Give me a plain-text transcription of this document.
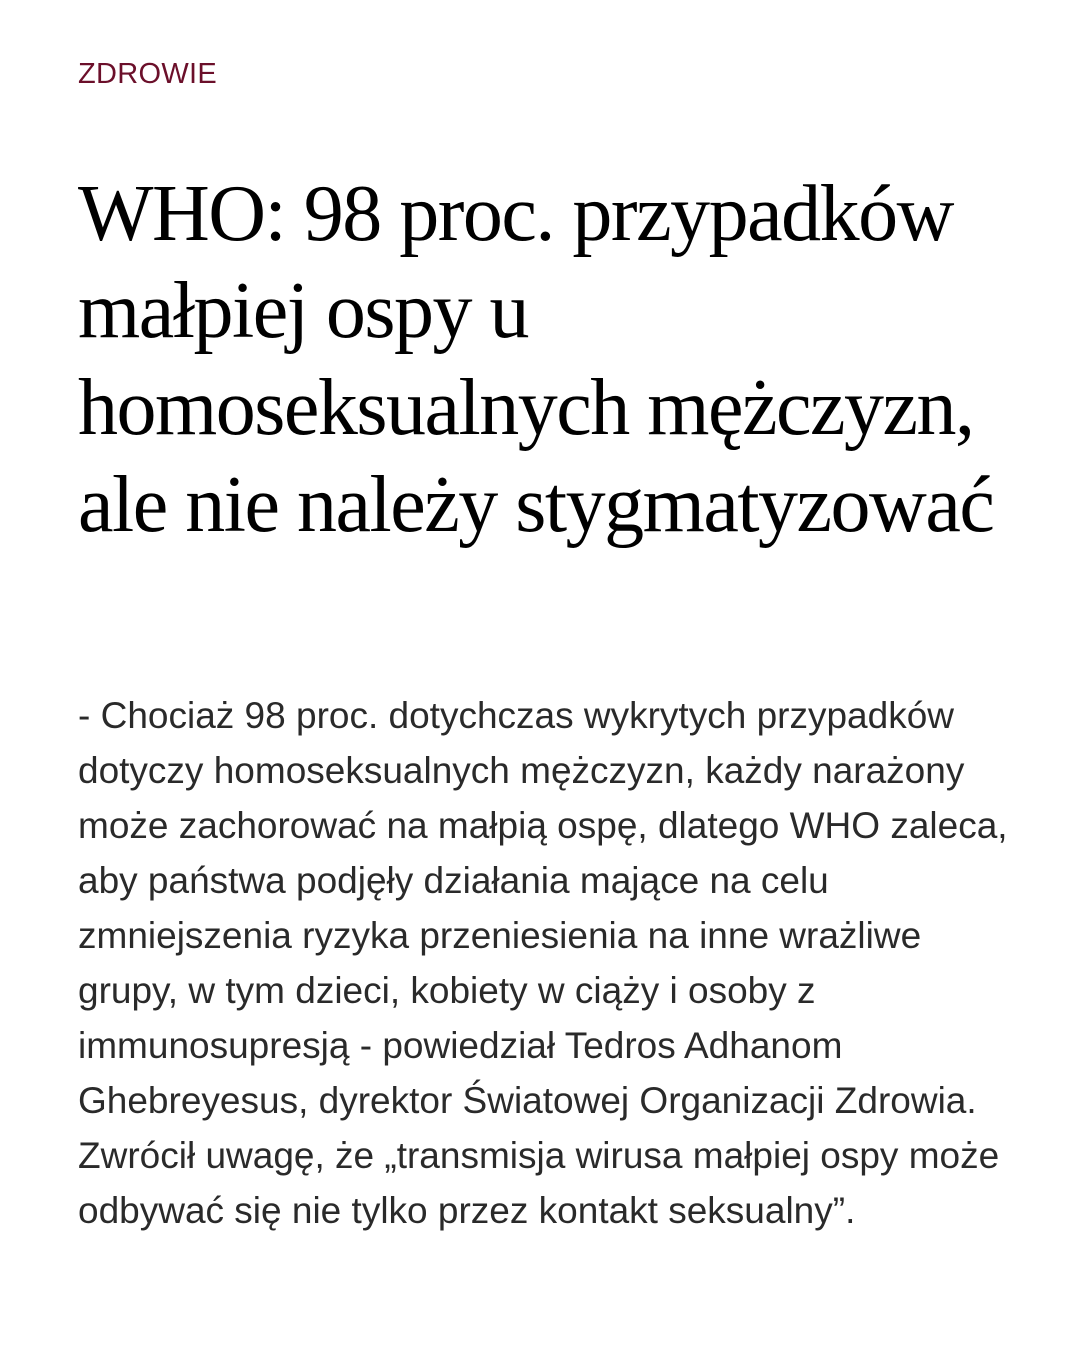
ZDROWIE
WHO: 98 proc. przypadków małpiej ospy u homoseksualnych mężczyzn, ale nie należy stygmatyzować

- Chociaż 98 proc. dotychczas wykrytych przypadków dotyczy homoseksualnych mężczyzn, każdy narażony może zachorować na małpią ospę, dlatego WHO zaleca, aby państwa podjęły działania mające na celu zmniejszenia ryzyka przeniesienia na inne wrażliwe grupy, w tym dzieci, kobiety w ciąży i osoby z immunosupresją - powiedział Tedros Adhanom Ghebreyesus, dyrektor Światowej Organizacji Zdrowia. Zwrócił uwagę, że „transmisja wirusa małpiej ospy może odbywać się nie tylko przez kontakt seksualny”.
